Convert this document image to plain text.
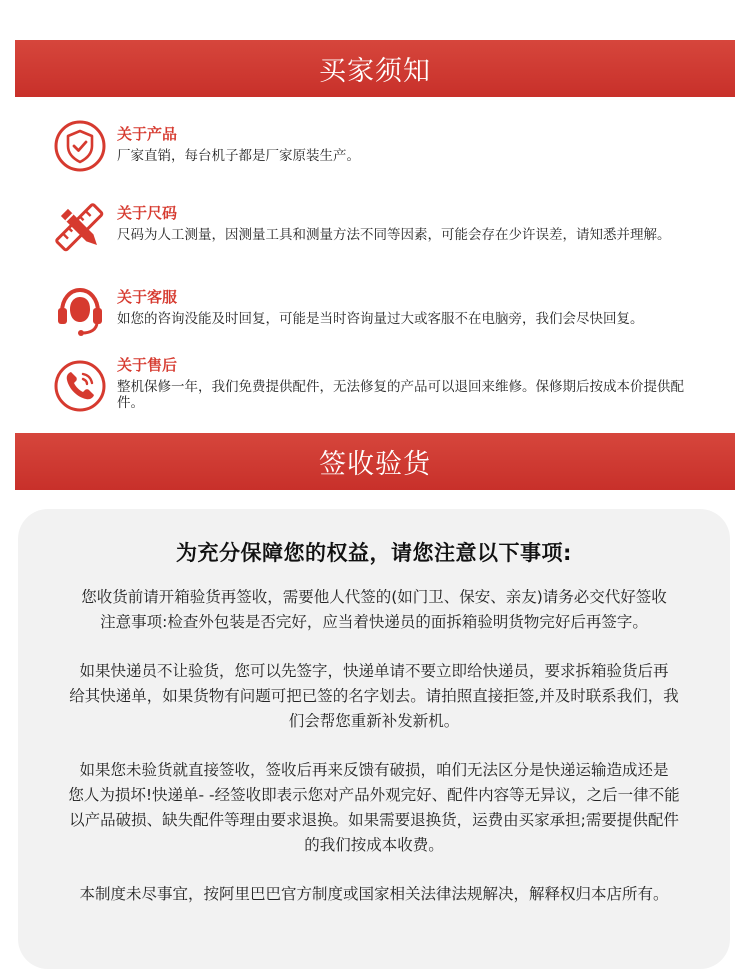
买家须知
关于产品
厂家直销，每台机子都是厂家原装生产。
关于尺码
尺码为人工测量，因测量工具和测量方法不同等因素，可能会存在少许误差，请知悉并理解。
关于客服
如您的咨询没能及时回复，可能是当时咨询量过大或客服不在电脑旁，我们会尽快回复。
关于售后
整机保修一年，我们免费提供配件，无法修复的产品可以退回来维修。保修期后按成本价提供配件。
签收验货
为充分保障您的权益，请您注意以下事项:
您收货前请开箱验货再签收，需要他人代签的(如门卫、保安、亲友)请务必交代好签收
注意事项:检查外包装是否完好，应当着快递员的面拆箱验明货物完好后再签字。
如果快递员不让验货，您可以先签字，快递单请不要立即给快递员，要求拆箱验货后再
给其快递单，如果货物有问题可把已签的名字划去。请拍照直接拒签,并及时联系我们，我
们会帮您重新补发新机。
如果您未验货就直接签收，签收后再来反馈有破损，咱们无法区分是快递运输造成还是
您人为损坏!快递单- -经签收即表示您对产品外观完好、配件内容等无异议，之后一律不能
以产品破损、缺失配件等理由要求退换。如果需要退换货，运费由买家承担;需要提供配件
的我们按成本收费。
本制度未尽事宜，按阿里巴巴官方制度或国家相关法律法规解决，解释权归本店所有。
